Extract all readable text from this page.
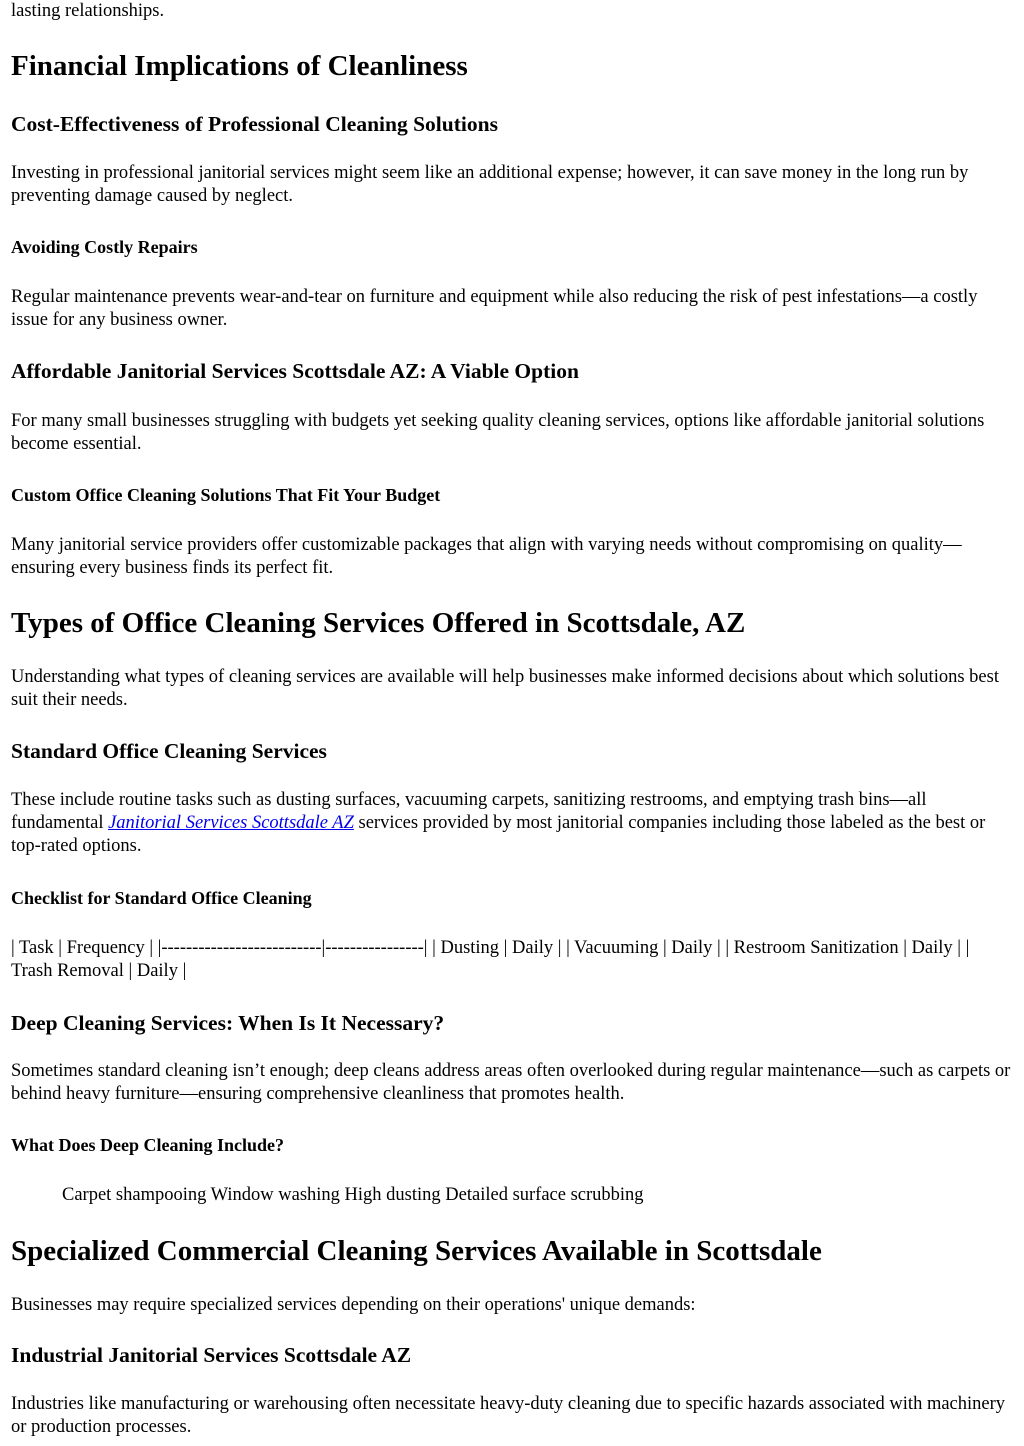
lasting relationships.

Financial Implications of Cleanliness
Cost-Effectiveness of Professional Cleaning Solutions

Investing in professional janitorial services might seem like an additional expense; however, it can save money in the long run by preventing damage caused by neglect.

Avoiding Costly Repairs

Regular maintenance prevents wear-and-tear on furniture and equipment while also reducing the risk of pest infestations—a costly issue for any business owner.

Affordable Janitorial Services Scottsdale AZ: A Viable Option

For many small businesses struggling with budgets yet seeking quality cleaning services, options like affordable janitorial solutions become essential.

Custom Office Cleaning Solutions That Fit Your Budget

Many janitorial service providers offer customizable packages that align with varying needs without compromising on quality—ensuring every business finds its perfect fit.

Types of Office Cleaning Services Offered in Scottsdale, AZ

Understanding what types of cleaning services are available will help businesses make informed decisions about which solutions best suit their needs.

Standard Office Cleaning Services

These include routine tasks such as dusting surfaces, vacuuming carpets, sanitizing restrooms, and emptying trash bins—all fundamental Janitorial Services Scottsdale AZ services provided by most janitorial companies including those labeled as the best or top-rated options.

Checklist for Standard Office Cleaning

| Task | Frequency | |--------------------------|----------------| | Dusting | Daily | | Vacuuming | Daily | | Restroom Sanitization | Daily | | Trash Removal | Daily |

Deep Cleaning Services: When Is It Necessary?

Sometimes standard cleaning isn’t enough; deep cleans address areas often overlooked during regular maintenance—such as carpets or behind heavy furniture—ensuring comprehensive cleanliness that promotes health.

What Does Deep Cleaning Include?

Carpet shampooing Window washing High dusting Detailed surface scrubbing

Specialized Commercial Cleaning Services Available in Scottsdale

Businesses may require specialized services depending on their operations' unique demands:

Industrial Janitorial Services Scottsdale AZ

Industries like manufacturing or warehousing often necessitate heavy-duty cleaning due to specific hazards associated with machinery or production processes.
